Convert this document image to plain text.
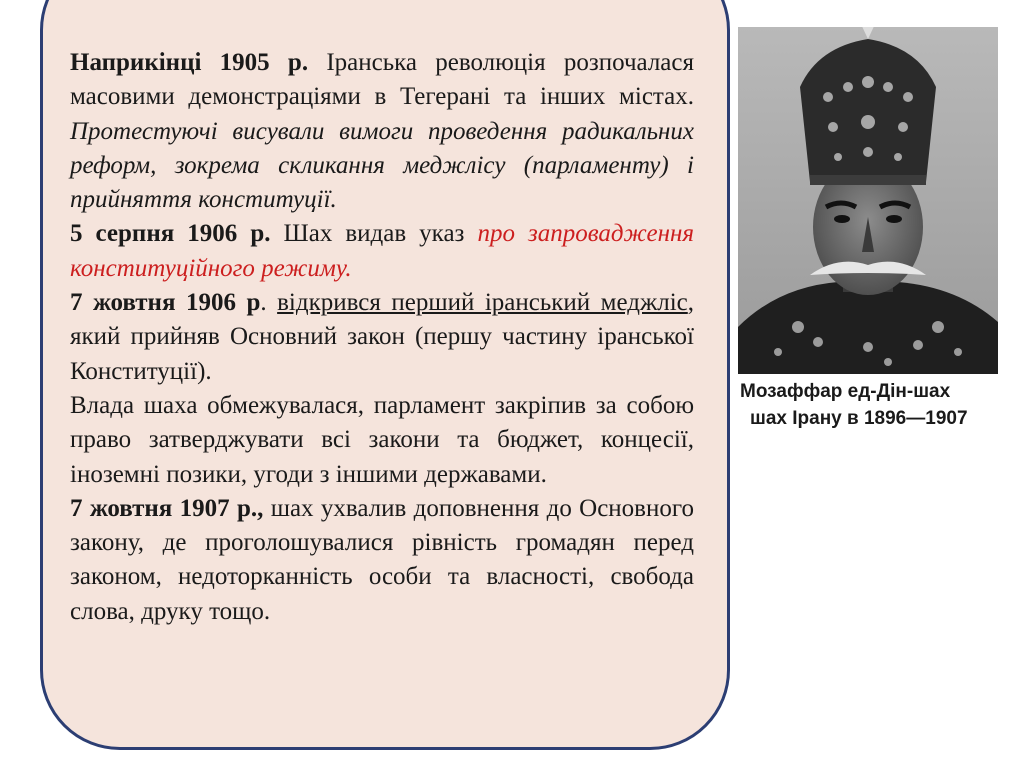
Наприкінці 1905 р. Іранська революція розпочалася масовими демонстраціями в Тегерані та інших містах. Протестуючі висували вимоги проведення радикальних реформ, зокрема скликання меджлісу (парламенту) і прийняття конституції.

5 серпня 1906 р. Шах видав указ про запровадження конституційного режиму.

7 жовтня 1906 р. відкрився перший іранський меджліс, який прийняв Основний закон (першу частину іранської Конституції).

Влада шаха обмежувалася, парламент закріпив за собою право затверджувати всі закони та бюджет, концесії, іноземні позики, угоди з іншими державами.

7 жовтня 1907 р., шах ухвалив доповнення до Основного закону, де проголошувалися рівність громадян перед законом, недоторканність особи та власності, свобода слова, друку тощо.

Мозаффар ед-Дін-шах
шах Ірану в 1896—1907
